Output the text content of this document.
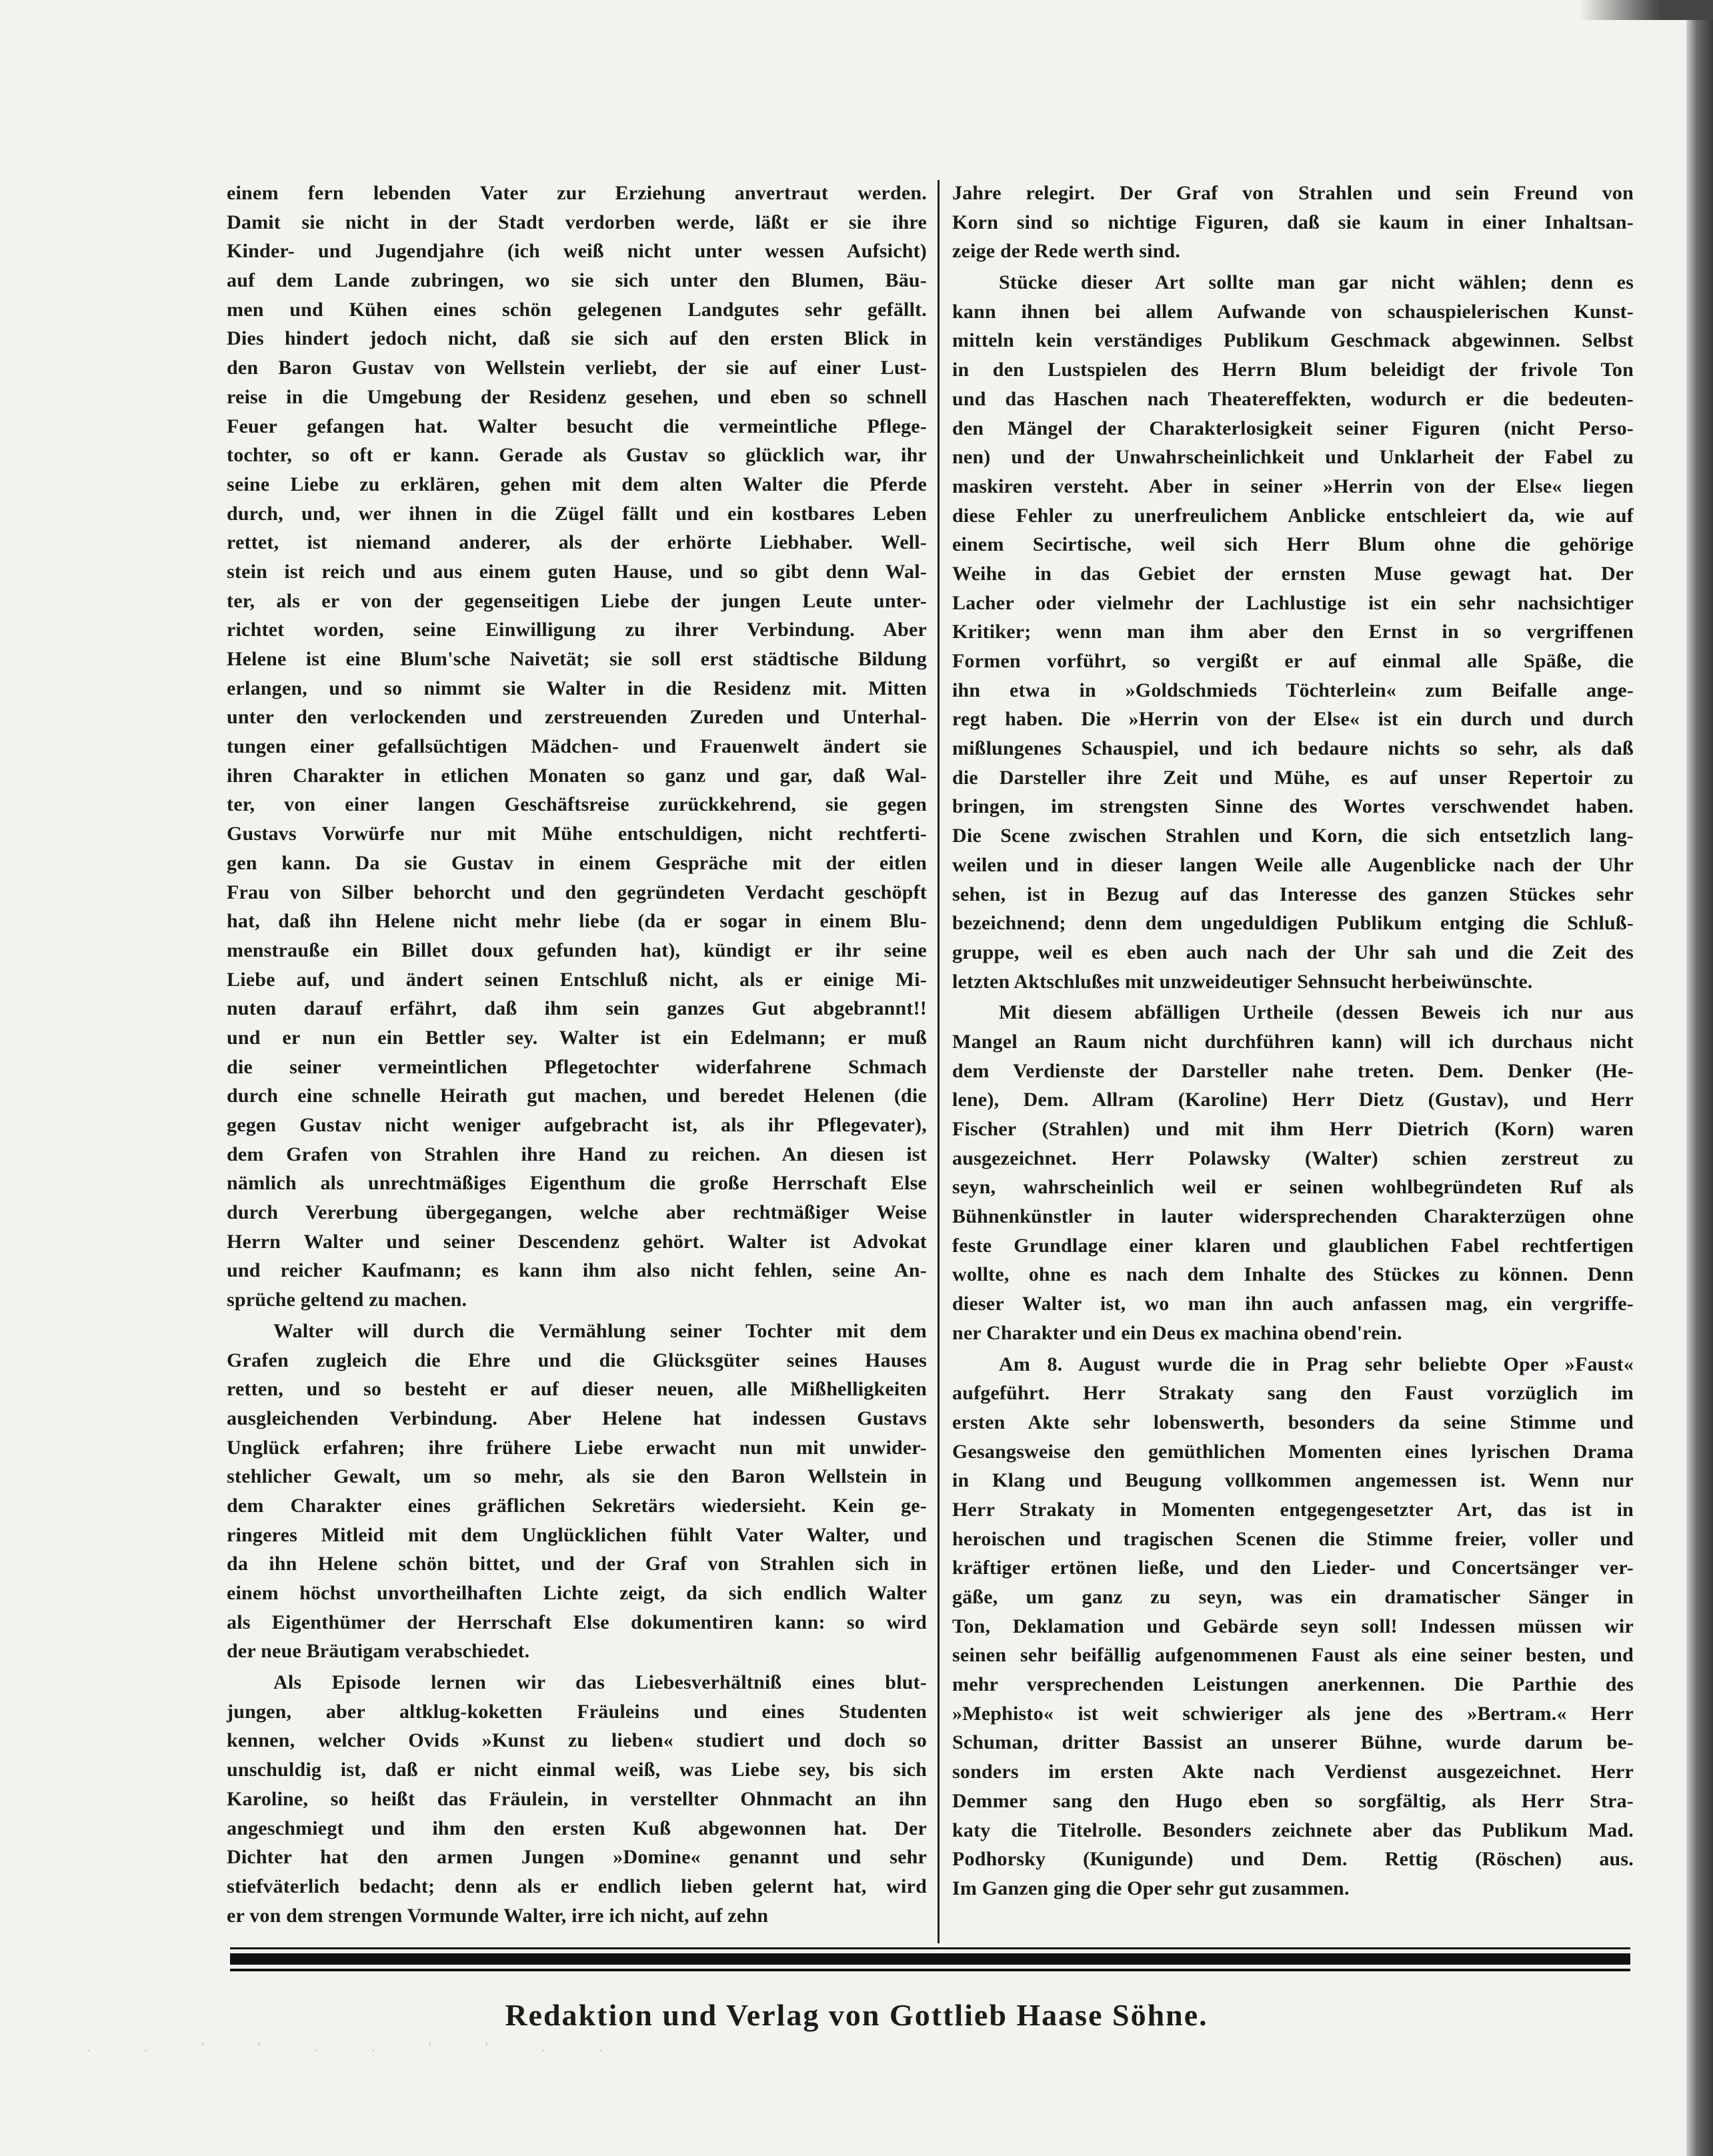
einem fern lebenden Vater zur Erziehung anvertraut werden.
Damit sie nicht in der Stadt verdorben werde, läßt er sie ihre
Kinder- und Jugendjahre (ich weiß nicht unter wessen Aufsicht)
auf dem Lande zubringen, wo sie sich unter den Blumen, Bäu-
men und Kühen eines schön gelegenen Landgutes sehr gefällt.
Dies hindert jedoch nicht, daß sie sich auf den ersten Blick in
den Baron Gustav von Wellstein verliebt, der sie auf einer Lust-
reise in die Umgebung der Residenz gesehen, und eben so schnell
Feuer gefangen hat. Walter besucht die vermeintliche Pflege-
tochter, so oft er kann. Gerade als Gustav so glücklich war, ihr
seine Liebe zu erklären, gehen mit dem alten Walter die Pferde
durch, und, wer ihnen in die Zügel fällt und ein kostbares Leben
rettet, ist niemand anderer, als der erhörte Liebhaber. Well-
stein ist reich und aus einem guten Hause, und so gibt denn Wal-
ter, als er von der gegenseitigen Liebe der jungen Leute unter-
richtet worden, seine Einwilligung zu ihrer Verbindung. Aber
Helene ist eine Blum'sche Naivetät; sie soll erst städtische Bildung
erlangen, und so nimmt sie Walter in die Residenz mit. Mitten
unter den verlockenden und zerstreuenden Zureden und Unterhal-
tungen einer gefallsüchtigen Mädchen- und Frauenwelt ändert sie
ihren Charakter in etlichen Monaten so ganz und gar, daß Wal-
ter, von einer langen Geschäftsreise zurückkehrend, sie gegen
Gustavs Vorwürfe nur mit Mühe entschuldigen, nicht rechtferti-
gen kann. Da sie Gustav in einem Gespräche mit der eitlen
Frau von Silber behorcht und den gegründeten Verdacht geschöpft
hat, daß ihn Helene nicht mehr liebe (da er sogar in einem Blu-
menstrauße ein Billet doux gefunden hat), kündigt er ihr seine
Liebe auf, und ändert seinen Entschluß nicht, als er einige Mi-
nuten darauf erfährt, daß ihm sein ganzes Gut abgebrannt!!
und er nun ein Bettler sey. Walter ist ein Edelmann; er muß
die seiner vermeintlichen Pflegetochter widerfahrene Schmach
durch eine schnelle Heirath gut machen, und beredet Helenen (die
gegen Gustav nicht weniger aufgebracht ist, als ihr Pflegevater),
dem Grafen von Strahlen ihre Hand zu reichen. An diesen ist
nämlich als unrechtmäßiges Eigenthum die große Herrschaft Else
durch Vererbung übergegangen, welche aber rechtmäßiger Weise
Herrn Walter und seiner Descendenz gehört. Walter ist Advokat
und reicher Kaufmann; es kann ihm also nicht fehlen, seine An-
sprüche geltend zu machen.
Walter will durch die Vermählung seiner Tochter mit dem
Grafen zugleich die Ehre und die Glücksgüter seines Hauses
retten, und so besteht er auf dieser neuen, alle Mißhelligkeiten
ausgleichenden Verbindung. Aber Helene hat indessen Gustavs
Unglück erfahren; ihre frühere Liebe erwacht nun mit unwider-
stehlicher Gewalt, um so mehr, als sie den Baron Wellstein in
dem Charakter eines gräflichen Sekretärs wiedersieht. Kein ge-
ringeres Mitleid mit dem Unglücklichen fühlt Vater Walter, und
da ihn Helene schön bittet, und der Graf von Strahlen sich in
einem höchst unvortheilhaften Lichte zeigt, da sich endlich Walter
als Eigenthümer der Herrschaft Else dokumentiren kann: so wird
der neue Bräutigam verabschiedet.
Als Episode lernen wir das Liebesverhältniß eines blut-
jungen, aber altklug-koketten Fräuleins und eines Studenten
kennen, welcher Ovids »Kunst zu lieben« studiert und doch so
unschuldig ist, daß er nicht einmal weiß, was Liebe sey, bis sich
Karoline, so heißt das Fräulein, in verstellter Ohnmacht an ihn
angeschmiegt und ihm den ersten Kuß abgewonnen hat. Der
Dichter hat den armen Jungen »Domine« genannt und sehr
stiefväterlich bedacht; denn als er endlich lieben gelernt hat, wird
er von dem strengen Vormunde Walter, irre ich nicht, auf zehn
Jahre relegirt. Der Graf von Strahlen und sein Freund von
Korn sind so nichtige Figuren, daß sie kaum in einer Inhaltsan-
zeige der Rede werth sind.
Stücke dieser Art sollte man gar nicht wählen; denn es
kann ihnen bei allem Aufwande von schauspielerischen Kunst-
mitteln kein verständiges Publikum Geschmack abgewinnen. Selbst
in den Lustspielen des Herrn Blum beleidigt der frivole Ton
und das Haschen nach Theatereffekten, wodurch er die bedeuten-
den Mängel der Charakterlosigkeit seiner Figuren (nicht Perso-
nen) und der Unwahrscheinlichkeit und Unklarheit der Fabel zu
maskiren versteht. Aber in seiner »Herrin von der Else« liegen
diese Fehler zu unerfreulichem Anblicke entschleiert da, wie auf
einem Secirtische, weil sich Herr Blum ohne die gehörige
Weihe in das Gebiet der ernsten Muse gewagt hat. Der
Lacher oder vielmehr der Lachlustige ist ein sehr nachsichtiger
Kritiker; wenn man ihm aber den Ernst in so vergriffenen
Formen vorführt, so vergißt er auf einmal alle Späße, die
ihn etwa in »Goldschmieds Töchterlein« zum Beifalle ange-
regt haben. Die »Herrin von der Else« ist ein durch und durch
mißlungenes Schauspiel, und ich bedaure nichts so sehr, als daß
die Darsteller ihre Zeit und Mühe, es auf unser Repertoir zu
bringen, im strengsten Sinne des Wortes verschwendet haben.
Die Scene zwischen Strahlen und Korn, die sich entsetzlich lang-
weilen und in dieser langen Weile alle Augenblicke nach der Uhr
sehen, ist in Bezug auf das Interesse des ganzen Stückes sehr
bezeichnend; denn dem ungeduldigen Publikum entging die Schluß-
gruppe, weil es eben auch nach der Uhr sah und die Zeit des
letzten Aktschlußes mit unzweideutiger Sehnsucht herbeiwünschte.
Mit diesem abfälligen Urtheile (dessen Beweis ich nur aus
Mangel an Raum nicht durchführen kann) will ich durchaus nicht
dem Verdienste der Darsteller nahe treten. Dem. Denker (He-
lene), Dem. Allram (Karoline) Herr Dietz (Gustav), und Herr
Fischer (Strahlen) und mit ihm Herr Dietrich (Korn) waren
ausgezeichnet. Herr Polawsky (Walter) schien zerstreut zu
seyn, wahrscheinlich weil er seinen wohlbegründeten Ruf als
Bühnenkünstler in lauter widersprechenden Charakterzügen ohne
feste Grundlage einer klaren und glaublichen Fabel rechtfertigen
wollte, ohne es nach dem Inhalte des Stückes zu können. Denn
dieser Walter ist, wo man ihn auch anfassen mag, ein vergriffe-
ner Charakter und ein Deus ex machina obend'rein.
Am 8. August wurde die in Prag sehr beliebte Oper »Faust«
aufgeführt. Herr Strakaty sang den Faust vorzüglich im
ersten Akte sehr lobenswerth, besonders da seine Stimme und
Gesangsweise den gemüthlichen Momenten eines lyrischen Drama
in Klang und Beugung vollkommen angemessen ist. Wenn nur
Herr Strakaty in Momenten entgegengesetzter Art, das ist in
heroischen und tragischen Scenen die Stimme freier, voller und
kräftiger ertönen ließe, und den Lieder- und Concertsänger ver-
gäße, um ganz zu seyn, was ein dramatischer Sänger in
Ton, Deklamation und Gebärde seyn soll! Indessen müssen wir
seinen sehr beifällig aufgenommenen Faust als eine seiner besten, und
mehr versprechenden Leistungen anerkennen. Die Parthie des
»Mephisto« ist weit schwieriger als jene des »Bertram.« Herr
Schuman, dritter Bassist an unserer Bühne, wurde darum be-
sonders im ersten Akte nach Verdienst ausgezeichnet. Herr
Demmer sang den Hugo eben so sorgfältig, als Herr Stra-
katy die Titelrolle. Besonders zeichnete aber das Publikum Mad.
Podhorsky (Kunigunde) und Dem. Rettig (Röschen) aus.
Im Ganzen ging die Oper sehr gut zusammen.
Redaktion und Verlag von Gottlieb Haase Söhne.
. . ' ' . . ' ' . .
